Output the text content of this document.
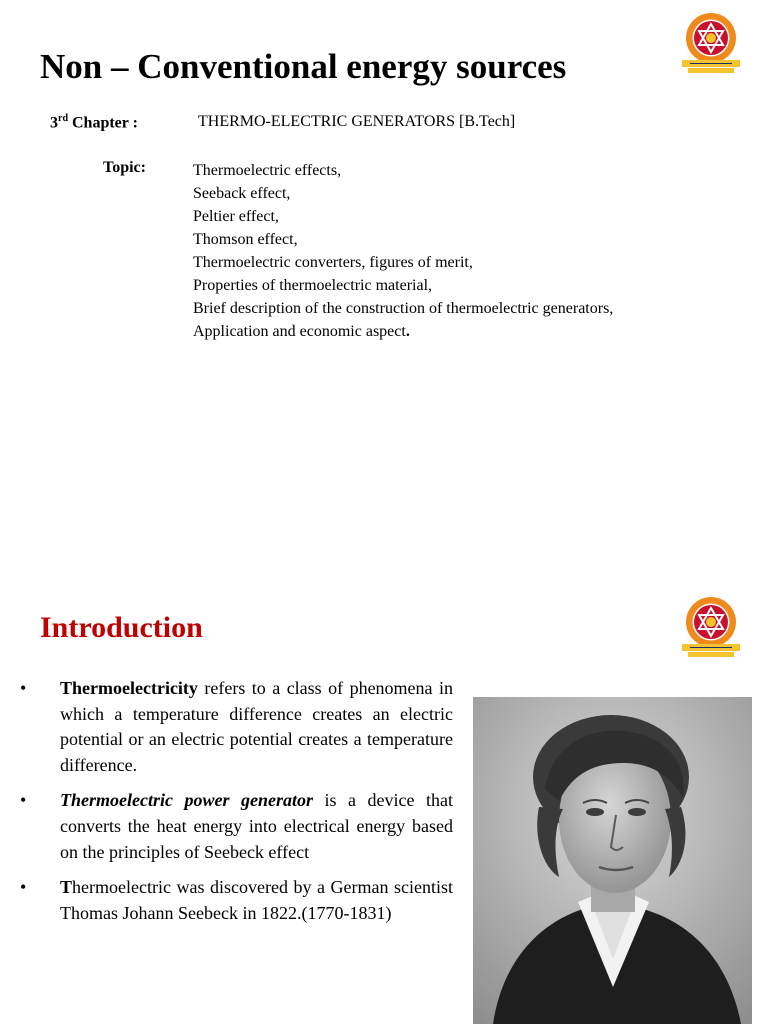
Non – Conventional energy sources
3rd Chapter :	THERMO-ELECTRIC GENERATORS [B.Tech]
Topic:	Thermoelectric effects,
Seeback effect,
Peltier effect,
Thomson effect,
Thermoelectric converters, figures of merit,
Properties of thermoelectric material,
Brief description of the construction of thermoelectric generators,
Application and economic aspect.
Introduction
• Thermoelectricity refers to a class of phenomena in which a temperature difference creates an electric potential or an electric potential creates a temperature difference.
• Thermoelectric power generator is a device that converts the heat energy into electrical energy based on the principles of Seebeck effect
• Thermoelectric was discovered by a German scientist Thomas Johann Seebeck in 1822.(1770-1831)
